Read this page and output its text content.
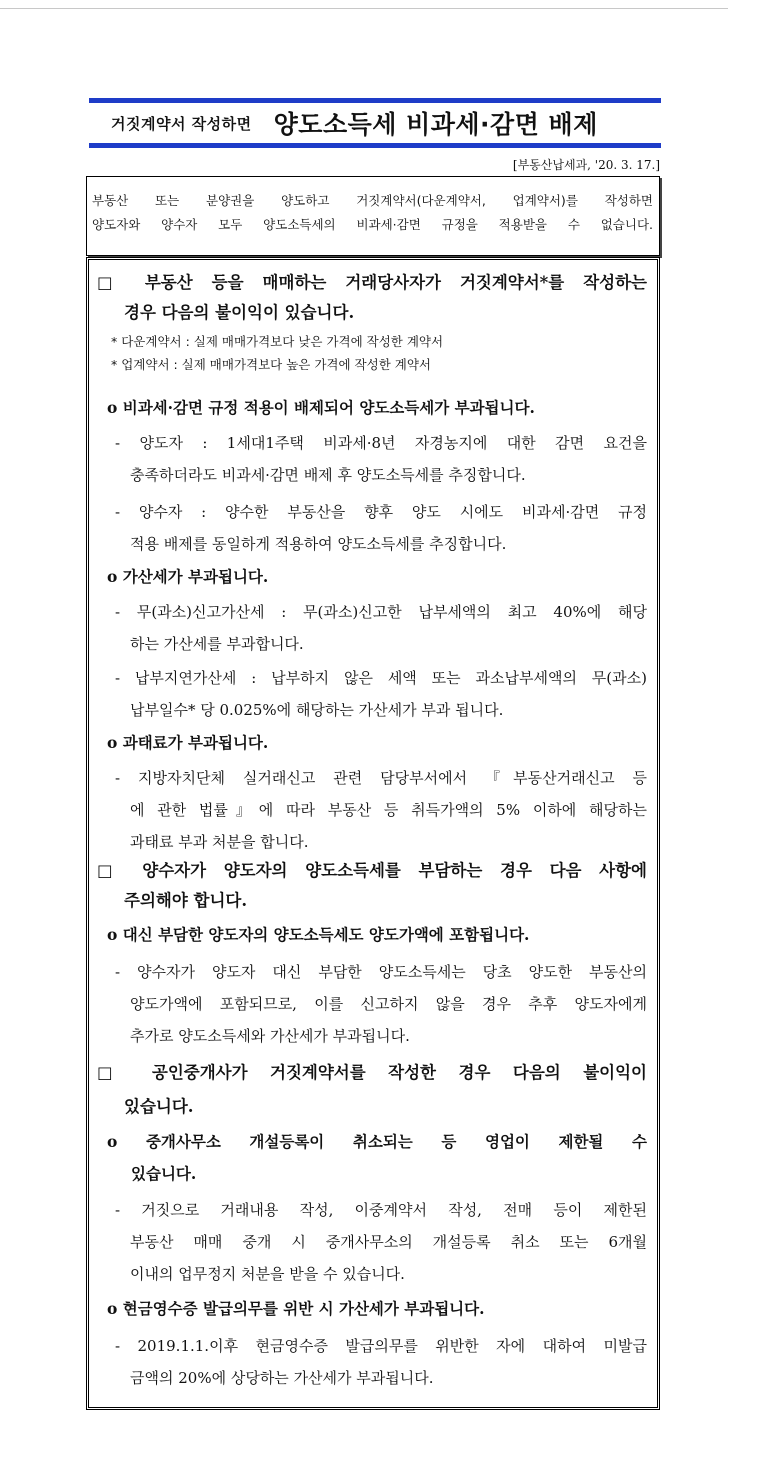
거짓계약서 작성하면 양도소득세 비과세·감면 배제
[부동산납세과, '20. 3. 17.]
부동산 또는 분양권을 양도하고 거짓계약서(다운계약서, 업계약서)를 작성하면
양도자와 양수자 모두 양도소득세의 비과세·감면 규정을 적용받을 수 없습니다.
□ 부동산 등을 매매하는 거래당사자가 거짓계약서*를 작성하는
경우 다음의 불이익이 있습니다.
* 다운계약서 : 실제 매매가격보다 낮은 가격에 작성한 계약서
* 업계약서 : 실제 매매가격보다 높은 가격에 작성한 계약서
o 비과세·감면 규정 적용이 배제되어 양도소득세가 부과됩니다.
- 양도자 : 1세대1주택 비과세·8년 자경농지에 대한 감면 요건을
충족하더라도 비과세·감면 배제 후 양도소득세를 추징합니다.
- 양수자 : 양수한 부동산을 향후 양도 시에도 비과세·감면 규정
적용 배제를 동일하게 적용하여 양도소득세를 추징합니다.
o 가산세가 부과됩니다.
- 무(과소)신고가산세 : 무(과소)신고한 납부세액의 최고 40%에 해당
하는 가산세를 부과합니다.
- 납부지연가산세 : 납부하지 않은 세액 또는 과소납부세액의 무(과소)
납부일수* 당 0.025%에 해당하는 가산세가 부과 됩니다.
o 과태료가 부과됩니다.
- 지방자치단체 실거래신고 관련 담당부서에서 『부동산거래신고 등
에 관한 법률』에 따라 부동산 등 취득가액의 5% 이하에 해당하는
과태료 부과 처분을 합니다.
□ 양수자가 양도자의 양도소득세를 부담하는 경우 다음 사항에
주의해야 합니다.
o 대신 부담한 양도자의 양도소득세도 양도가액에 포함됩니다.
- 양수자가 양도자 대신 부담한 양도소득세는 당초 양도한 부동산의
양도가액에 포함되므로, 이를 신고하지 않을 경우 추후 양도자에게
추가로 양도소득세와 가산세가 부과됩니다.
□ 공인중개사가 거짓계약서를 작성한 경우 다음의 불이익이
있습니다.
o 중개사무소 개설등록이 취소되는 등 영업이 제한될 수
있습니다.
- 거짓으로 거래내용 작성, 이중계약서 작성, 전매 등이 제한된
부동산 매매 중개 시 중개사무소의 개설등록 취소 또는 6개월
이내의 업무정지 처분을 받을 수 있습니다.
o 현금영수증 발급의무를 위반 시 가산세가 부과됩니다.
- 2019.1.1.이후 현금영수증 발급의무를 위반한 자에 대하여 미발급
금액의 20%에 상당하는 가산세가 부과됩니다.
